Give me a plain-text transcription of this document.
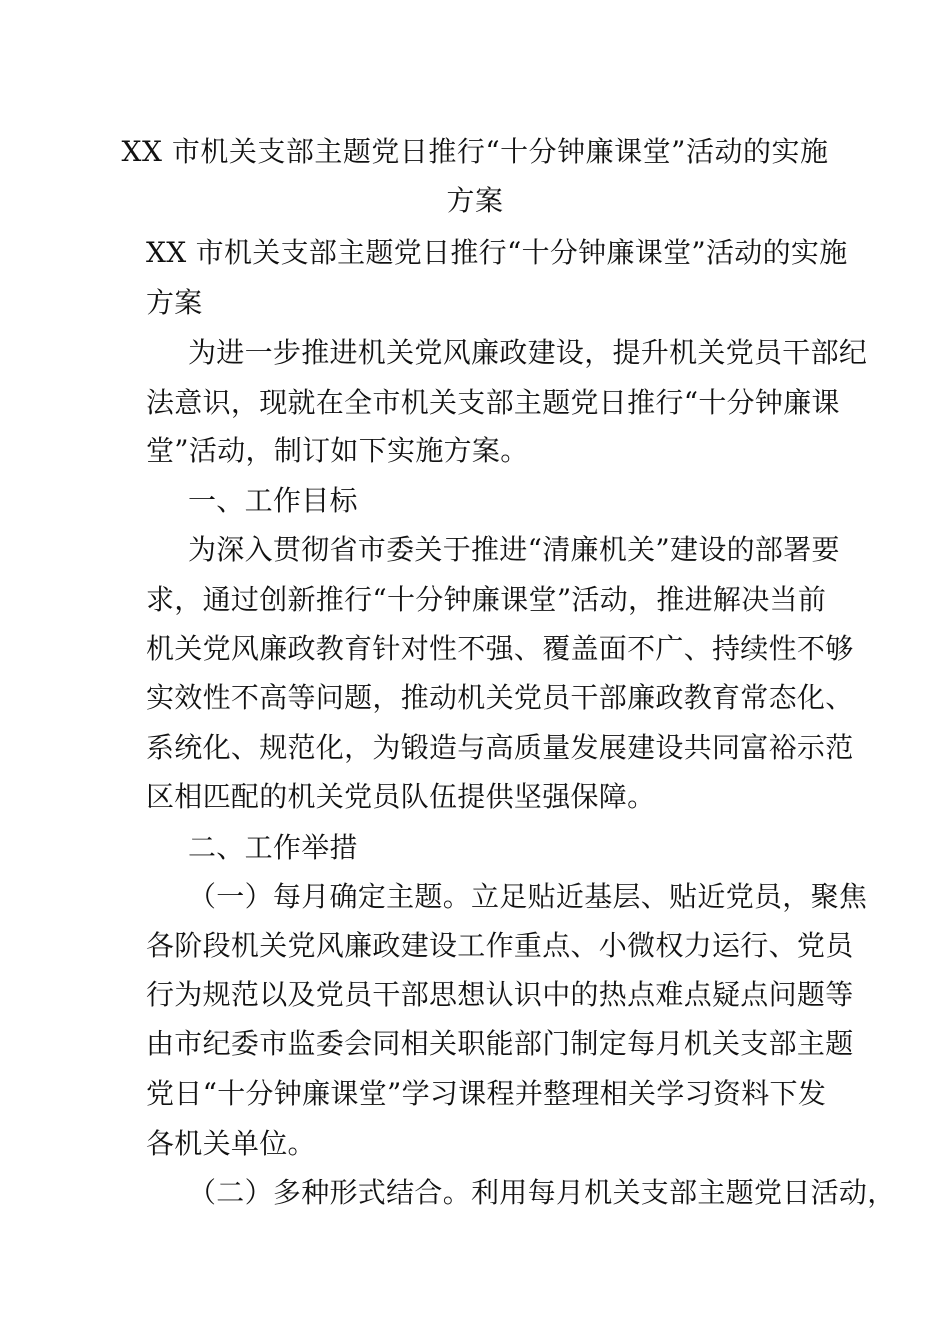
XX 市机关支部主题党日推行“十分钟廉课堂”活动的实施
方案
XX 市机关支部主题党日推行“十分钟廉课堂”活动的实施
方案
为进一步推进机关党风廉政建设，提升机关党员干部纪
法意识，现就在全市机关支部主题党日推行“十分钟廉课
堂”活动，制订如下实施方案。
一、工作目标
为深入贯彻省市委关于推进“清廉机关”建设的部署要
求，通过创新推行“十分钟廉课堂”活动，推进解决当前
机关党风廉政教育针对性不强、覆盖面不广、持续性不够
实效性不高等问题，推动机关党员干部廉政教育常态化、
系统化、规范化，为锻造与高质量发展建设共同富裕示范
区相匹配的机关党员队伍提供坚强保障。
二、工作举措
（一）每月确定主题。立足贴近基层、贴近党员，聚焦
各阶段机关党风廉政建设工作重点、小微权力运行、党员
行为规范以及党员干部思想认识中的热点难点疑点问题等
由市纪委市监委会同相关职能部门制定每月机关支部主题
党日“十分钟廉课堂”学习课程并整理相关学习资料下发
各机关单位。
（二）多种形式结合。利用每月机关支部主题党日活动，
